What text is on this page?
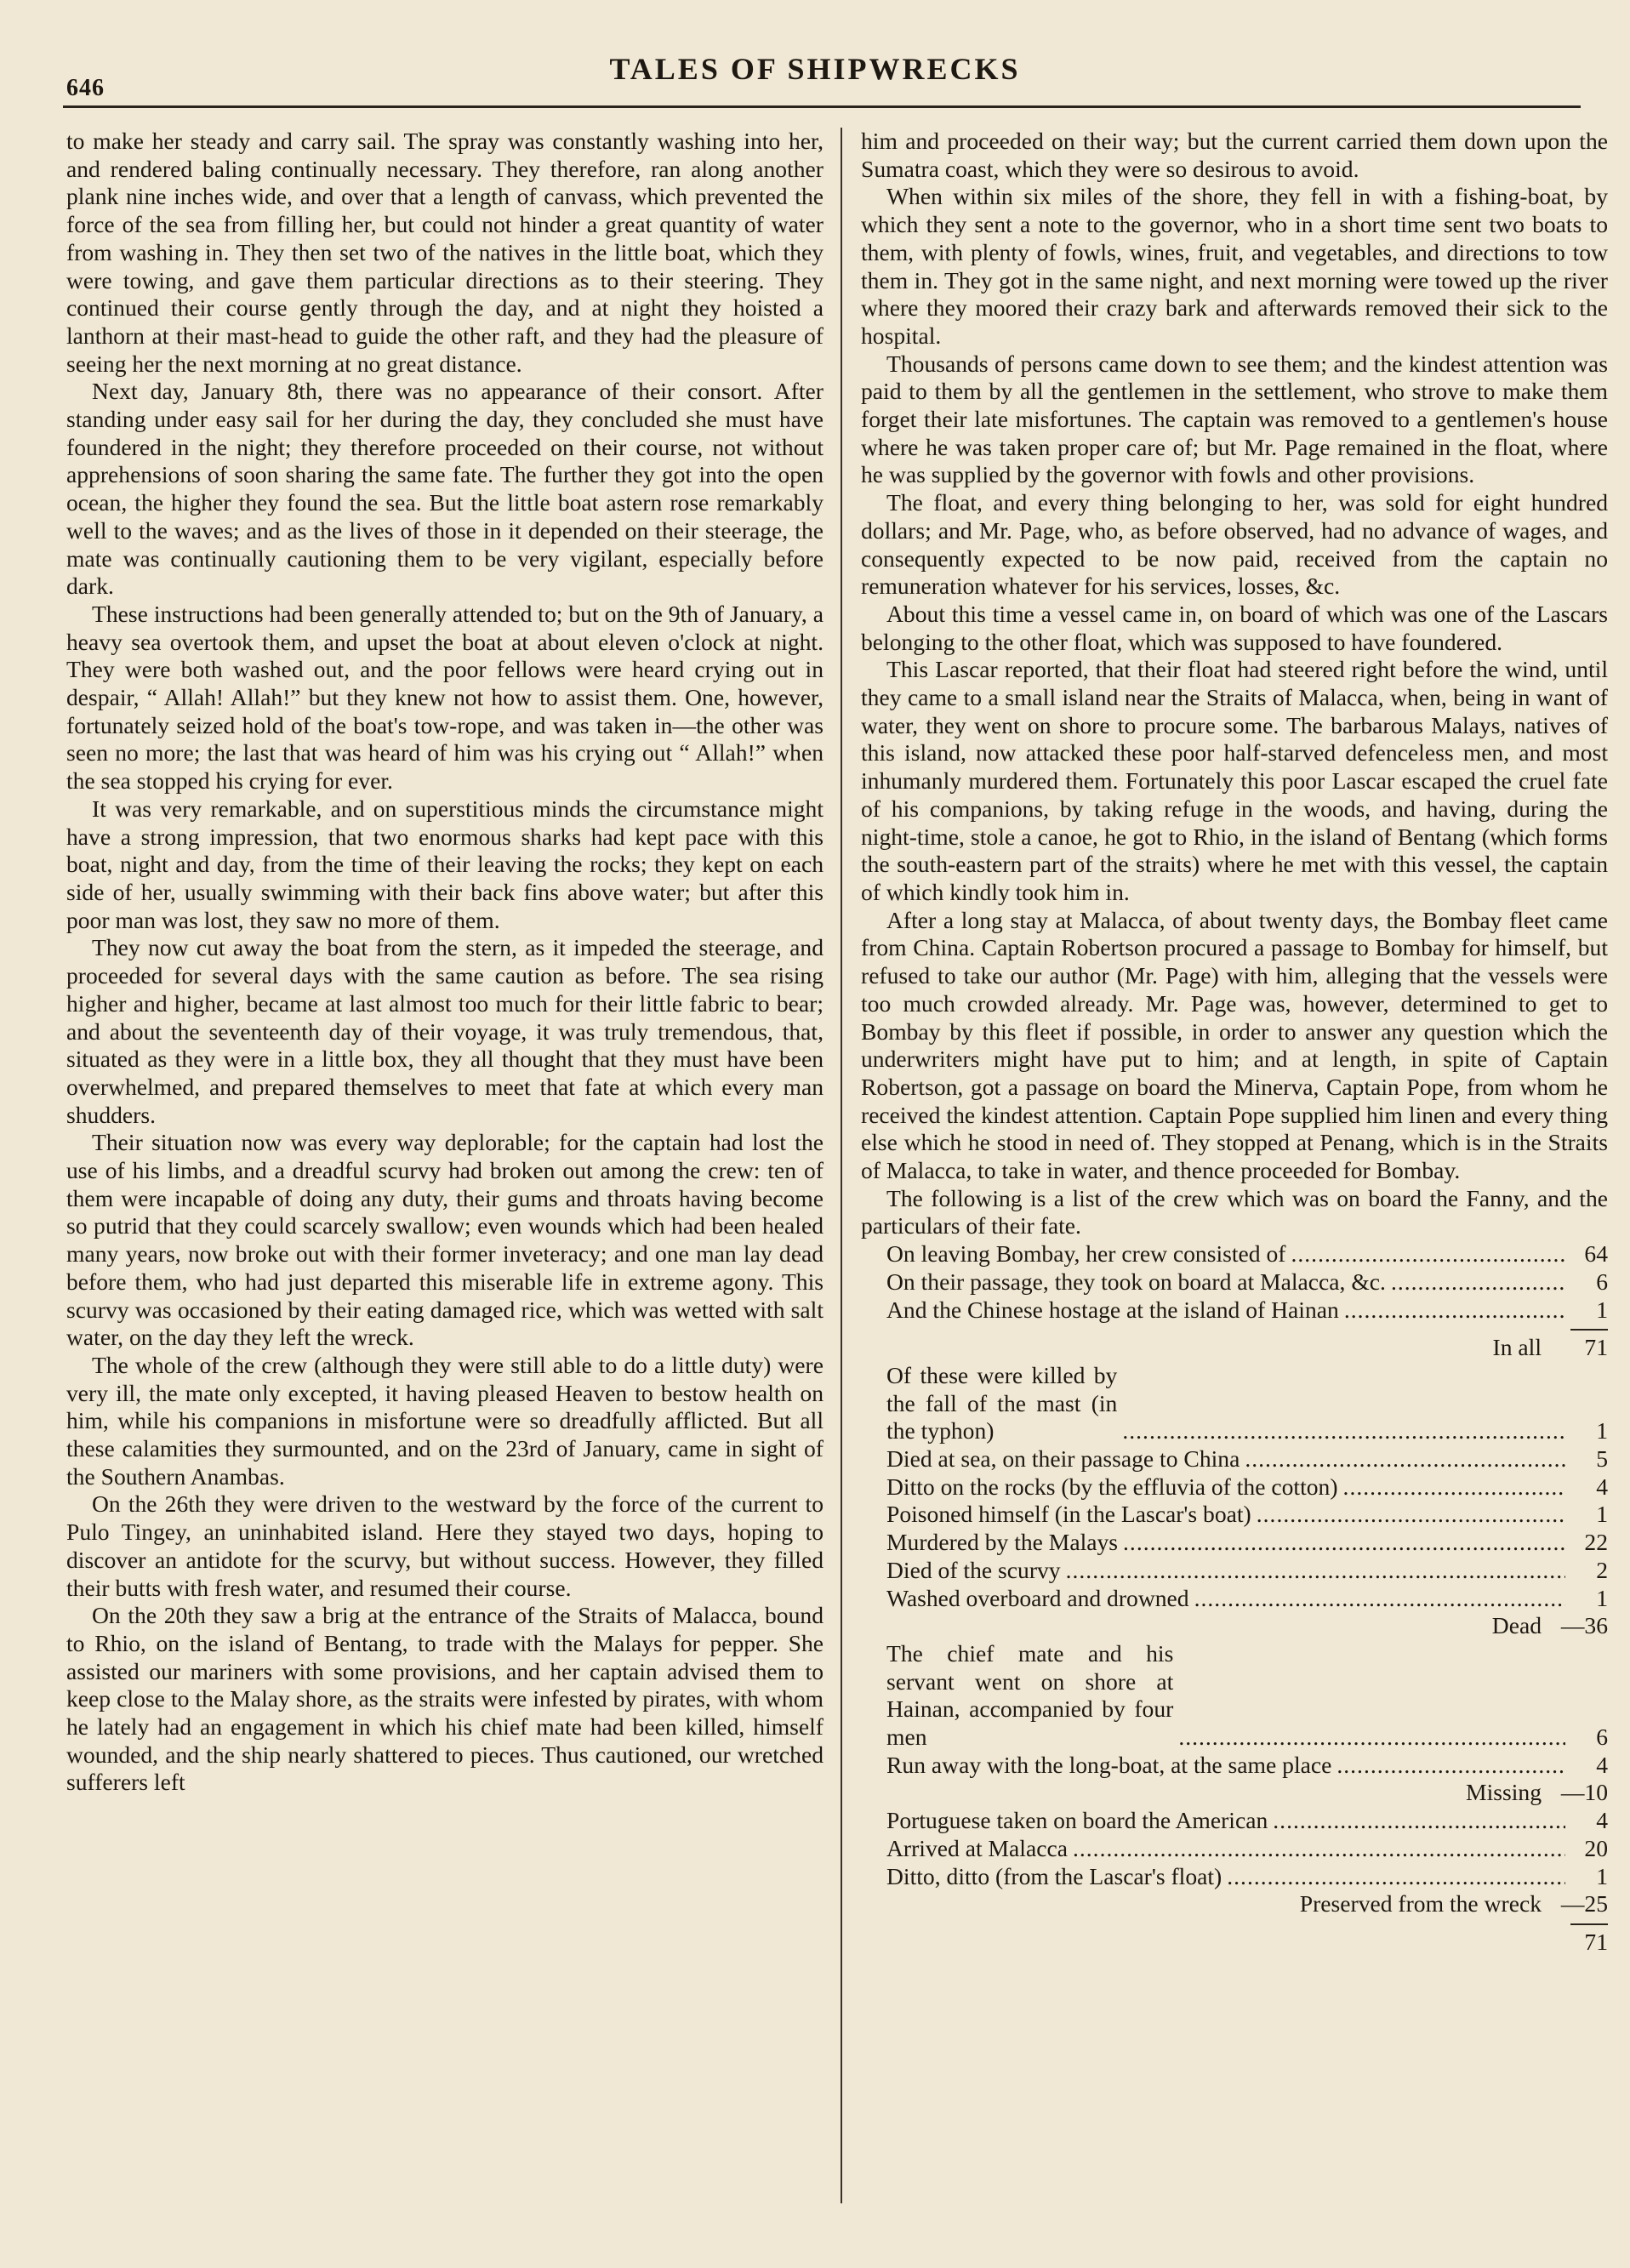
646
TALES OF SHIPWRECKS

to make her steady and carry sail. The spray was constantly washing into her, and rendered baling continually necessary. They therefore, ran along another plank nine inches wide, and over that a length of canvass, which prevented the force of the sea from filling her, but could not hinder a great quantity of water from washing in. They then set two of the natives in the little boat, which they were towing, and gave them particular directions as to their steering. They continued their course gently through the day, and at night they hoisted a lanthorn at their mast-head to guide the other raft, and they had the pleasure of seeing her the next morning at no great distance.

Next day, January 8th, there was no appearance of their consort. After standing under easy sail for her during the day, they concluded she must have foundered in the night; they therefore proceeded on their course, not without apprehensions of soon sharing the same fate. The further they got into the open ocean, the higher they found the sea. But the little boat astern rose remarkably well to the waves; and as the lives of those in it depended on their steerage, the mate was continually cautioning them to be very vigilant, especially before dark.

These instructions had been generally attended to; but on the 9th of January, a heavy sea overtook them, and upset the boat at about eleven o'clock at night. They were both washed out, and the poor fellows were heard crying out in despair, “ Allah! Allah!” but they knew not how to assist them. One, however, fortunately seized hold of the boat's tow-rope, and was taken in—the other was seen no more; the last that was heard of him was his crying out “ Allah!” when the sea stopped his crying for ever.

It was very remarkable, and on superstitious minds the circumstance might have a strong impression, that two enormous sharks had kept pace with this boat, night and day, from the time of their leaving the rocks; they kept on each side of her, usually swimming with their back fins above water; but after this poor man was lost, they saw no more of them.

They now cut away the boat from the stern, as it impeded the steerage, and proceeded for several days with the same caution as before. The sea rising higher and higher, became at last almost too much for their little fabric to bear; and about the seventeenth day of their voyage, it was truly tremendous, that, situated as they were in a little box, they all thought that they must have been overwhelmed, and prepared themselves to meet that fate at which every man shudders.

Their situation now was every way deplorable; for the captain had lost the use of his limbs, and a dreadful scurvy had broken out among the crew: ten of them were incapable of doing any duty, their gums and throats having become so putrid that they could scarcely swallow; even wounds which had been healed many years, now broke out with their former inveteracy; and one man lay dead before them, who had just departed this miserable life in extreme agony. This scurvy was occasioned by their eating damaged rice, which was wetted with salt water, on the day they left the wreck.

The whole of the crew (although they were still able to do a little duty) were very ill, the mate only excepted, it having pleased Heaven to bestow health on him, while his companions in misfortune were so dreadfully afflicted. But all these calamities they surmounted, and on the 23rd of January, came in sight of the Southern Anambas.

On the 26th they were driven to the westward by the force of the current to Pulo Tingey, an uninhabited island. Here they stayed two days, hoping to discover an antidote for the scurvy, but without success. However, they filled their butts with fresh water, and resumed their course.

On the 20th they saw a brig at the entrance of the Straits of Malacca, bound to Rhio, on the island of Bentang, to trade with the Malays for pepper. She assisted our mariners with some provisions, and her captain advised them to keep close to the Malay shore, as the straits were infested by pirates, with whom he lately had an engagement in which his chief mate had been killed, himself wounded, and the ship nearly shattered to pieces. Thus cautioned, our wretched sufferers left

him and proceeded on their way; but the current carried them down upon the Sumatra coast, which they were so desirous to avoid.

When within six miles of the shore, they fell in with a fishing-boat, by which they sent a note to the governor, who in a short time sent two boats to them, with plenty of fowls, wines, fruit, and vegetables, and directions to tow them in. They got in the same night, and next morning were towed up the river where they moored their crazy bark and afterwards removed their sick to the hospital.

Thousands of persons came down to see them; and the kindest attention was paid to them by all the gentlemen in the settlement, who strove to make them forget their late misfortunes. The captain was removed to a gentlemen's house where he was taken proper care of; but Mr. Page remained in the float, where he was supplied by the governor with fowls and other provisions.

The float, and every thing belonging to her, was sold for eight hundred dollars; and Mr. Page, who, as before observed, had no advance of wages, and consequently expected to be now paid, received from the captain no remuneration whatever for his services, losses, &c.

About this time a vessel came in, on board of which was one of the Lascars belonging to the other float, which was supposed to have foundered.

This Lascar reported, that their float had steered right before the wind, until they came to a small island near the Straits of Malacca, when, being in want of water, they went on shore to procure some. The barbarous Malays, natives of this island, now attacked these poor half-starved defenceless men, and most inhumanly murdered them. Fortunately this poor Lascar escaped the cruel fate of his companions, by taking refuge in the woods, and having, during the night-time, stole a canoe, he got to Rhio, in the island of Bentang (which forms the south-eastern part of the straits) where he met with this vessel, the captain of which kindly took him in.

After a long stay at Malacca, of about twenty days, the Bombay fleet came from China. Captain Robertson procured a passage to Bombay for himself, but refused to take our author (Mr. Page) with him, alleging that the vessels were too much crowded already. Mr. Page was, however, determined to get to Bombay by this fleet if possible, in order to answer any question which the underwriters might have put to him; and at length, in spite of Captain Robertson, got a passage on board the Minerva, Captain Pope, from whom he received the kindest attention. Captain Pope supplied him linen and every thing else which he stood in need of. They stopped at Penang, which is in the Straits of Malacca, to take in water, and thence proceeded for Bombay.

The following is a list of the crew which was on board the Fanny, and the particulars of their fate.

On leaving Bombay, her crew consisted of .....	64
On their passage, they took on board at Malacca, &c. .....	6
And the Chinese hostage at the island of Hainan .....	1
In all	71
Of these were killed by the fall of the mast (in the typhon) .....	1
Died at sea, on their passage to China .....	5
Ditto on the rocks (by the effluvia of the cotton) .....	4
Poisoned himself (in the Lascar's boat) .....	1
Murdered by the Malays .....	22
Died of the scurvy .....	2
Washed overboard and drowned .....	1
Dead —36
The chief mate and his servant went on shore at Hainan, accompanied by four men .....	6
Run away with the long-boat, at the same place .....	4
Missing —10
Portuguese taken on board the American .....	4
Arrived at Malacca .....	20
Ditto, ditto (from the Lascar's float) .....	1
Preserved from the wreck —25
71
